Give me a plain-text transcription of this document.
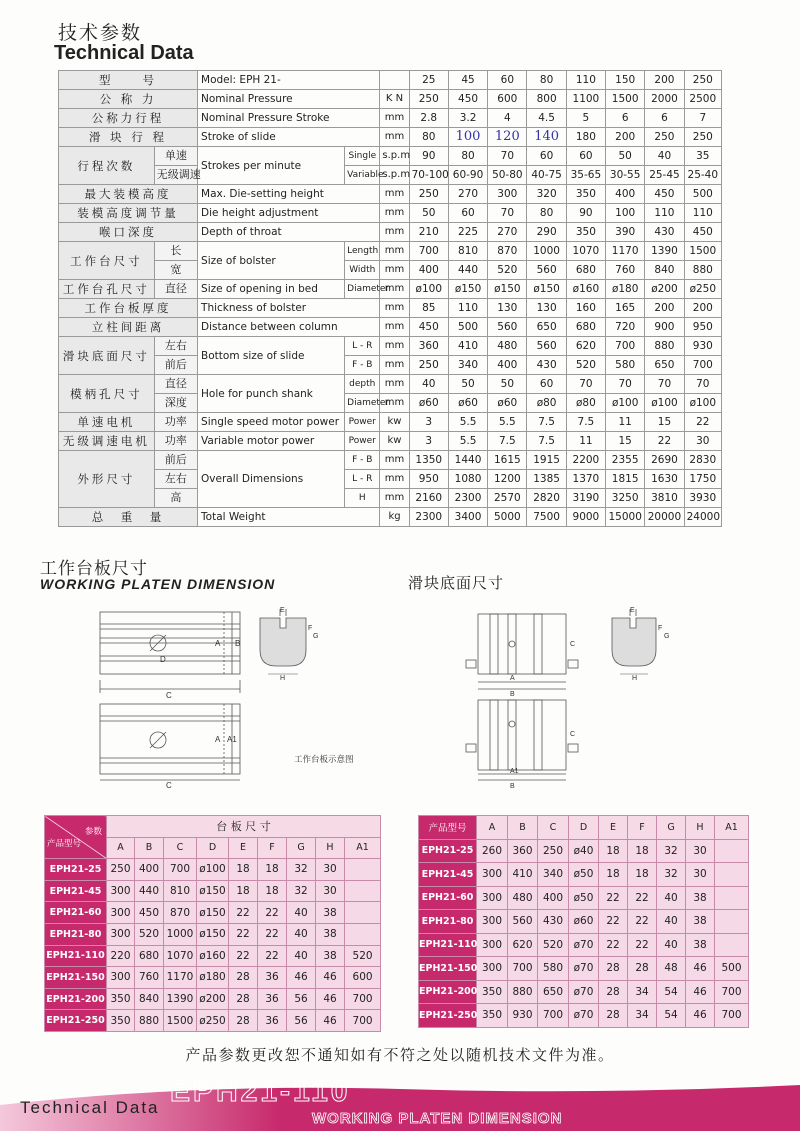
技术参数
Technical Data
型　　号		Model: EPH 21-			25	45	60	80	110	150	200	250
公 称 力		Nominal Pressure		K N	250	450	600	800	1100	1500	2000	2500
公称力行程		Nominal Pressure Stroke		mm	2.8	3.2	4	4.5	5	6	6	7
滑 块 行 程		Stroke of slide		mm	80	100	120	140	180	200	250	250
行程次数	单速	Strokes per minute	Single	s.p.m	90	80	70	60	60	50	40	35
	无级调速		Variable	s.p.m	70-100	60-90	50-80	40-75	35-65	30-55	25-45	25-40
最大装模高度		Max. Die-setting height		mm	250	270	300	320	350	400	450	500
装模高度调节量		Die height adjustment		mm	50	60	70	80	90	100	110	110
喉口深度		Depth of throat		mm	210	225	270	290	350	390	430	450
工作台尺寸	长	Size of bolster	Length	mm	700	810	870	1000	1070	1170	1390	1500
	宽		Width	mm	400	440	520	560	680	760	840	880
工作台孔尺寸	直径	Size of opening in bed	Diameter	mm	ø100	ø150	ø150	ø150	ø160	ø180	ø200	ø250
工作台板厚度		Thickness of bolster		mm	85	110	130	130	160	165	200	200
立柱间距离		Distance between column		mm	450	500	560	650	680	720	900	950
滑块底面尺寸	左右	Bottom size of slide	L - R	mm	360	410	480	560	620	700	880	930
	前后		F - B	mm	250	340	400	430	520	580	650	700
模柄孔尺寸	直径	Hole for punch shank	depth	mm	40	50	50	60	70	70	70	70
	深度		Diameter	mm	ø60	ø60	ø60	ø80	ø80	ø100	ø100	ø100
单速电机	功率	Single speed motor power	Power	kw	3	5.5	5.5	7.5	7.5	11	15	22
无级调速电机	功率	Variable motor power	Power	kw	3	5.5	7.5	7.5	11	15	22	30
外形尺寸	前后	Overall Dimensions	F - B	mm	1350	1440	1615	1915	2200	2355	2690	2830
	左右		L - R	mm	950	1080	1200	1385	1370	1815	1630	1750
	高		H	mm	2160	2300	2570	2820	3190	3250	3810	3930
总　重　量		Total Weight		kg	2300	3400	5000	7500	9000	15000	20000	24000
工作台板尺寸
WORKING PLATEN DIMENSION	滑块底面尺寸
D
B
A
C
A A1
C
E
F
G
H
工作台板示意图
A
B
C
A1
B
C
E
F
G
H
参数
产品型号	台 板 尺 寸								
	A	B	C	D	E	F	G	H	A1
EPH21-25	250	400	700	ø100	18	18	32	30	
EPH21-45	300	440	810	ø150	18	18	32	30	
EPH21-60	300	450	870	ø150	22	22	40	38	
EPH21-80	300	520	1000	ø150	22	22	40	38	
EPH21-110	220	680	1070	ø160	22	22	40	38	520
EPH21-150	300	760	1170	ø180	28	36	46	46	600
EPH21-200	350	840	1390	ø200	28	36	56	46	700
EPH21-250	350	880	1500	ø250	28	36	56	46	700
产品型号	A	B	C	D	E	F	G	H	A1
EPH21-25	260	360	250	ø40	18	18	32	30	
EPH21-45	300	410	340	ø50	18	18	32	30	
EPH21-60	300	480	400	ø50	22	22	40	38	
EPH21-80	300	560	430	ø60	22	22	40	38	
EPH21-110	300	620	520	ø70	22	22	40	38	
EPH21-150	300	700	580	ø70	28	28	48	46	500
EPH21-200	350	880	650	ø70	28	34	54	46	700
EPH21-250	350	930	700	ø70	28	34	54	46	700
产品参数更改恕不通知如有不符之处以随机技术文件为准。
Technical Data EPH21-110
WORKING PLATEN DIMENSION
